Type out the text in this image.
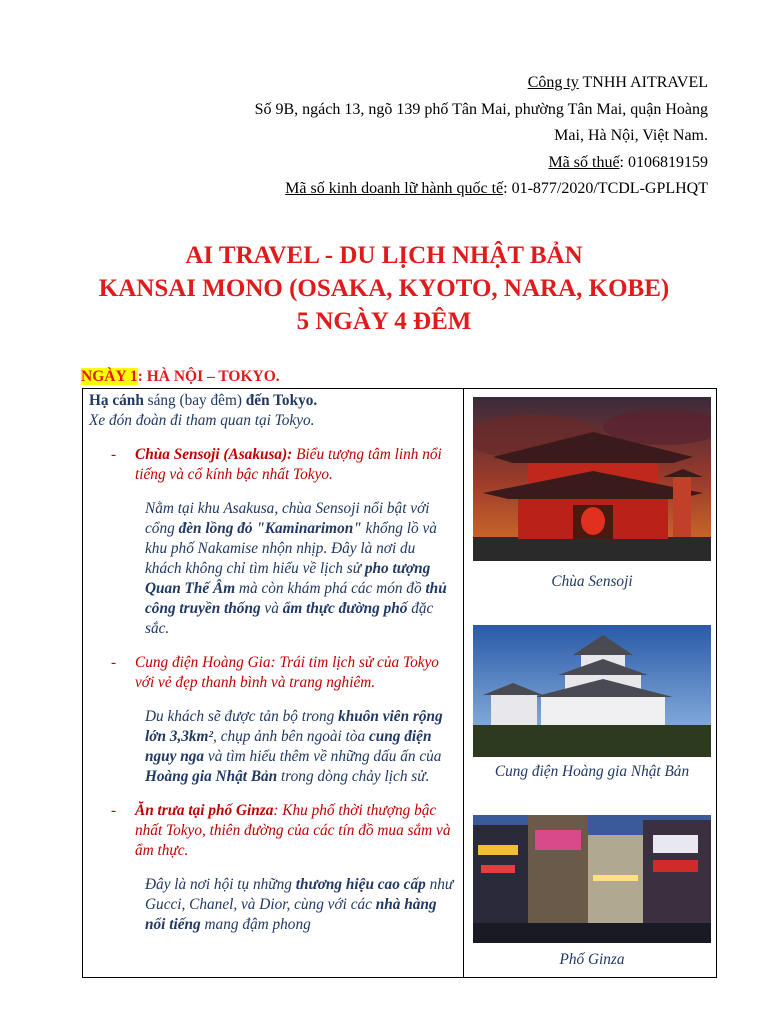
Công ty TNHH AITRAVEL
Số 9B, ngách 13, ngõ 139 phố Tân Mai, phường Tân Mai, quận Hoàng
Mai, Hà Nội, Việt Nam.
Mã số thuế: 0106819159
Mã số kinh doanh lữ hành quốc tế: 01-877/2020/TCDL-GPLHQT
AI TRAVEL - DU LỊCH NHẬT BẢN
KANSAI MONO (OSAKA, KYOTO, NARA, KOBE)
5 NGÀY 4 ĐÊM
NGÀY 1: HÀ NỘI – TOKYO.
Hạ cánh sáng (bay đêm) đến Tokyo.
Xe đón đoàn đi tham quan tại Tokyo.
- Chùa Sensoji (Asakusa): Biểu tượng tâm linh nổi tiếng và cổ kính bậc nhất Tokyo.
Nằm tại khu Asakusa, chùa Sensoji nổi bật với cổng đèn lồng đỏ "Kaminarimon" khổng lồ và khu phố Nakamise nhộn nhịp. Đây là nơi du khách không chỉ tìm hiểu về lịch sử pho tượng Quan Thế Âm mà còn khám phá các món đồ thủ công truyền thống và ẩm thực đường phố đặc sắc.
- Cung điện Hoàng Gia: Trái tim lịch sử của Tokyo với vẻ đẹp thanh bình và trang nghiêm.
Du khách sẽ được tản bộ trong khuôn viên rộng lớn 3,3km², chụp ảnh bên ngoài tòa cung điện nguy nga và tìm hiểu thêm về những dấu ấn của Hoàng gia Nhật Bản trong dòng chảy lịch sử.
- Ăn trưa tại phố Ginza: Khu phố thời thượng bậc nhất Tokyo, thiên đường của các tín đồ mua sắm và ẩm thực.
Đây là nơi hội tụ những thương hiệu cao cấp như Gucci, Chanel, và Dior, cùng với các nhà hàng nổi tiếng mang đậm phong
Chùa Sensoji
Cung điện Hoàng gia Nhật Bản
Phố Ginza
